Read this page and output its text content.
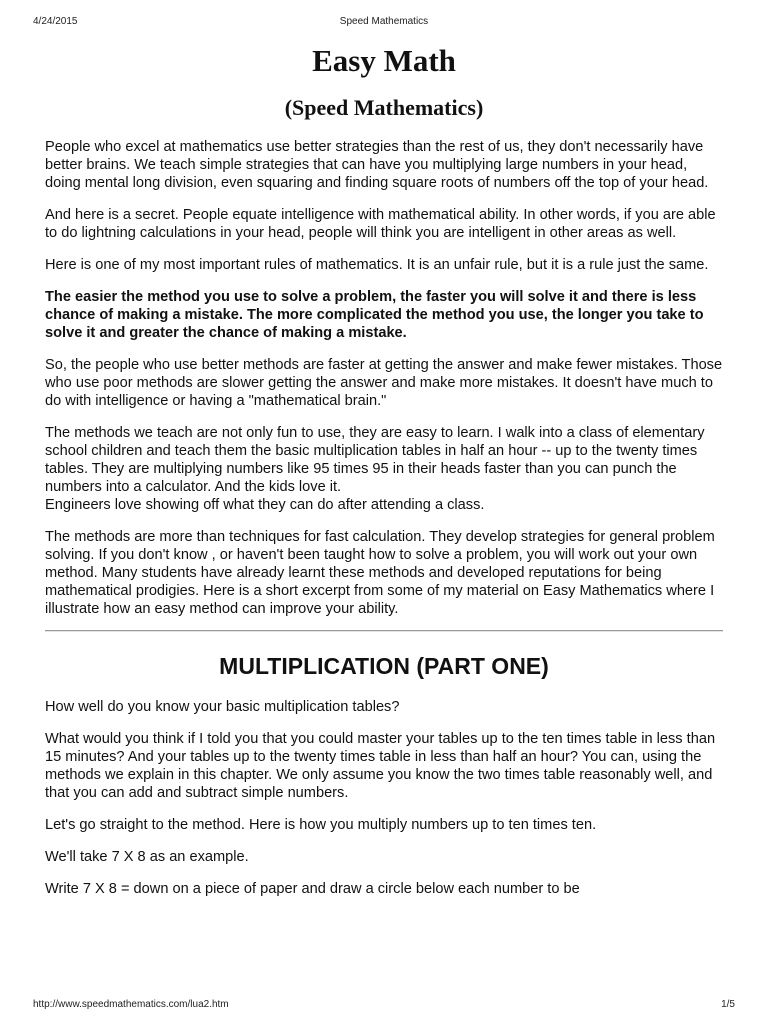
4/24/2015	Speed Mathematics
Easy Math
(Speed Mathematics)

People who excel at mathematics use better strategies than the rest of us, they don't necessarily have better brains. We teach simple strategies that can have you multiplying large numbers in your head, doing mental long division, even squaring and finding square roots of numbers off the top of your head.

And here is a secret. People equate intelligence with mathematical ability. In other words, if you are able to do lightning calculations in your head, people will think you are intelligent in other areas as well.

Here is one of my most important rules of mathematics. It is an unfair rule, but it is a rule just the same.

The easier the method you use to solve a problem, the faster you will solve it and there is less chance of making a mistake. The more complicated the method you use, the longer you take to solve it and greater the chance of making a mistake.

So, the people who use better methods are faster at getting the answer and make fewer mistakes. Those who use poor methods are slower getting the answer and make more mistakes. It doesn't have much to do with intelligence or having a "mathematical brain."

The methods we teach are not only fun to use, they are easy to learn. I walk into a class of elementary school children and teach them the basic multiplication tables in half an hour -- up to the twenty times tables. They are multiplying numbers like 95 times 95 in their heads faster than you can punch the numbers into a calculator. And the kids love it.

Engineers love showing off what they can do after attending a class.

The methods are more than techniques for fast calculation. They develop strategies for general problem solving. If you don't know , or haven't been taught how to solve a problem, you will work out your own method. Many students have already learnt these methods and developed reputations for being mathematical prodigies. Here is a short excerpt from some of my material on Easy Mathematics where I illustrate how an easy method can improve your ability.

MULTIPLICATION (PART ONE)

How well do you know your basic multiplication tables?

What would you think if I told you that you could master your tables up to the ten times table in less than 15 minutes? And your tables up to the twenty times table in less than half an hour? You can, using the methods we explain in this chapter. We only assume you know the two times table reasonably well, and that you can add and subtract simple numbers.

Let's go straight to the method. Here is how you multiply numbers up to ten times ten.

We'll take 7 X 8 as an example.

Write 7 X 8 = down on a piece of paper and draw a circle below each number to be

http://www.speedmathematics.com/lua2.htm	1/5
